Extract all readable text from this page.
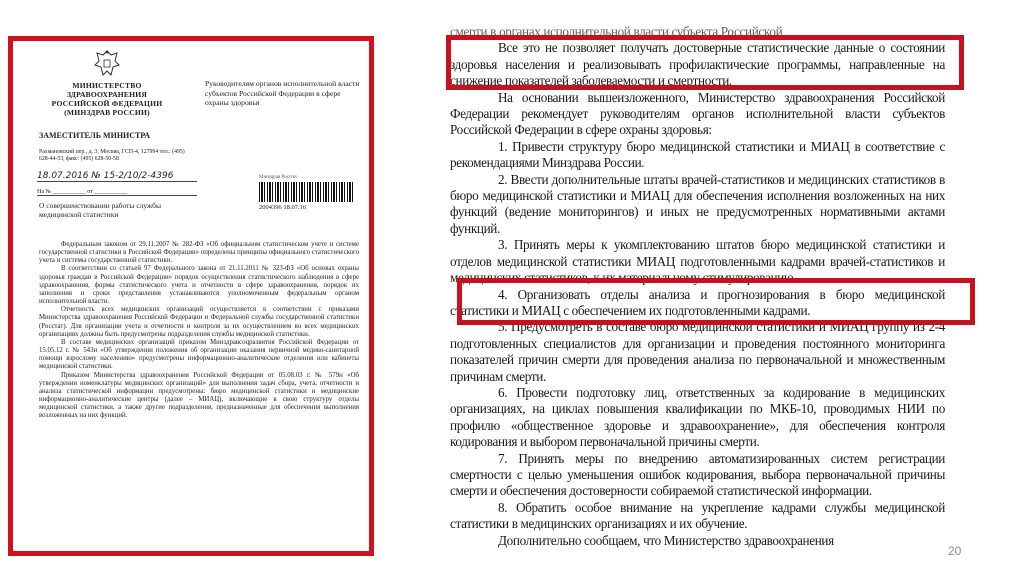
МИНИСТЕРСТВО
ЗДРАВООХРАНЕНИЯ
РОССИЙСКОЙ ФЕДЕРАЦИИ
(МИНЗДРАВ РОССИИ)
Руководителям органов исполнительной власти субъектов Российской Федерации в сфере охраны здоровья
ЗАМЕСТИТЕЛЬ МИНИСТРА
Рахмановский пер., д. 3, Москва, ГСП-4, 127994 тел.: (495) 628-44-53, факс: (495) 628-50-58
18.07.2016 № 15-2/10/2-4396
На № ___________ от ___________
Минздрав России
2004396 18.07.16
О совершенствовании работы службы медицинской статистики

Федеральным законом от 29.11.2007 № 282-ФЗ «Об официальном статистическом учете и системе государственной статистики в Российской Федерации» определены принципы официального статистического учета и системы государственной статистики.

В соответствии со статьей 97 Федерального закона от 21.11.2011 № 323-ФЗ «Об основах охраны здоровья граждан в Российской Федерации» порядок осуществления статистического наблюдения в сфере здравоохранения, формы статистического учета и отчетности в сфере здравоохранения, порядок их заполнения и сроки представления устанавливаются уполномоченным федеральным органом исполнительной власти.

Отчетность всех медицинских организаций осуществляется в соответствии с приказами Министерства здравоохранения Российской Федерации и Федеральной службы государственной статистики (Росстат). Для организации учета и отчетности и контроля за их осуществлением во всех медицинских организациях должны быть предусмотрены подразделения службы медицинской статистики.

В составе медицинских организаций приказом Минздравсоцразвития Российской Федерации от 15.05.12 г. № 543н «Об утверждении положения об организации оказания первичной медико-санитарной помощи взрослому населению» предусмотрены информационно-аналитические отделения или кабинеты медицинской статистики.

Приказом Министерства здравоохранения Российской Федерации от 05.08.03 г. № 579н «Об утверждении номенклатуры медицинских организаций» для выполнения задач сбора, учета, отчетности и анализа статистической информации предусмотрены: бюро медицинской статистики и медицинские информационно-аналитические центры (далее – МИАЦ), включающие в свою структуру отделы медицинской статистики, а также другие подразделения, предназначенные для обеспечения выполнения возложенных на них функций.

смерти в органах исполнительной власти субъекта Российской

Все это не позволяет получать достоверные статистические данные о состоянии здоровья населения и реализовывать профилактические программы, направленные на снижение показателей заболеваемости и смертности.

На основании вышеизложенного, Министерство здравоохранения Российской Федерации рекомендует руководителям органов исполнительной власти субъектов Российской Федерации в сфере охраны здоровья:

1. Привести структуру бюро медицинской статистики и МИАЦ в соответствие с рекомендациями Минздрава России.

2. Ввести дополнительные штаты врачей-статистиков и медицинских статистиков в бюро медицинской статистики и МИАЦ для обеспечения исполнения возложенных на них функций (ведение мониторингов) и иных не предусмотренных нормативными актами функций.

3. Принять меры к укомплектованию штатов бюро медицинской статистики и отделов медицинской статистики МИАЦ подготовленными кадрами врачей-статистиков и медицинских статистиков, к их материальному стимулированию.

4. Организовать отделы анализа и прогнозирования в бюро медицинской статистики и МИАЦ с обеспечением их подготовленными кадрами.

5. Предусмотреть в составе бюро медицинской статистики и МИАЦ группу из 2-4 подготовленных специалистов для организации и проведения постоянного мониторинга показателей причин смерти для проведения анализа по первоначальной и множественным причинам смерти.

6. Провести подготовку лиц, ответственных за кодирование в медицинских организациях, на циклах повышения квалификации по МКБ-10, проводимых НИИ по профилю «общественное здоровье и здравоохранение», для обеспечения контроля кодирования и выбором первоначальной причины смерти.

7. Принять меры по внедрению автоматизированных систем регистрации смертности с целью уменьшения ошибок кодирования, выбора первоначальной причины смерти и обеспечения достоверности собираемой статистической информации.

8. Обратить особое внимание на укрепление кадрами службы медицинской статистики в медицинских организациях и их обучение.

Дополнительно сообщаем, что Министерство здравоохранения

20
